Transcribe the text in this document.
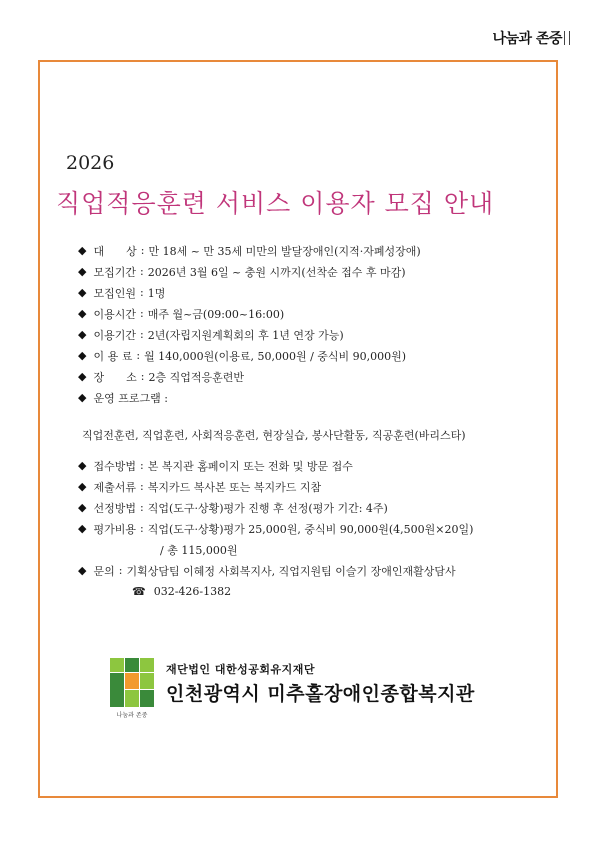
나눔과 존중
2026
직업적응훈련 서비스 이용자 모집 안내
◆ 대　　상 : 만 18세 ~ 만 35세 미만의 발달장애인(지적·자폐성장애)
◆ 모집기간 : 2026년 3월 6일 ~ 충원 시까지(선착순 접수 후 마감)
◆ 모집인원 : 1명
◆ 이용시간 : 매주 월~금(09:00~16:00)
◆ 이용기간 : 2년(자립지원계획회의 후 1년 연장 가능)
◆ 이 용 료 : 월 140,000원(이용료, 50,000원 / 중식비 90,000원)
◆ 장　　소 : 2층 직업적응훈련반
◆ 운영 프로그램 :
직업전훈련, 직업훈련, 사회적응훈련, 현장실습, 봉사단활동, 직공훈련(바리스타)
◆ 접수방법 : 본 복지관 홈페이지 또는 전화 및 방문 접수
◆ 제출서류 : 복지카드 복사본 또는 복지카드 지참
◆ 선정방법 : 직업(도구·상황)평가 진행 후 선정(평가 기간: 4주)
◆ 평가비용 : 직업(도구·상황)평가 25,000원, 중식비 90,000원(4,500원×20일)
/ 총 115,000원
◆ 문의 : 기획상담팀 이혜정 사회복지사, 직업지원팀 이슬기 장애인재활상담사
☎ 032-426-1382
나눔과 존중
재단법인 대한성공회유지재단
인천광역시 미추홀장애인종합복지관
